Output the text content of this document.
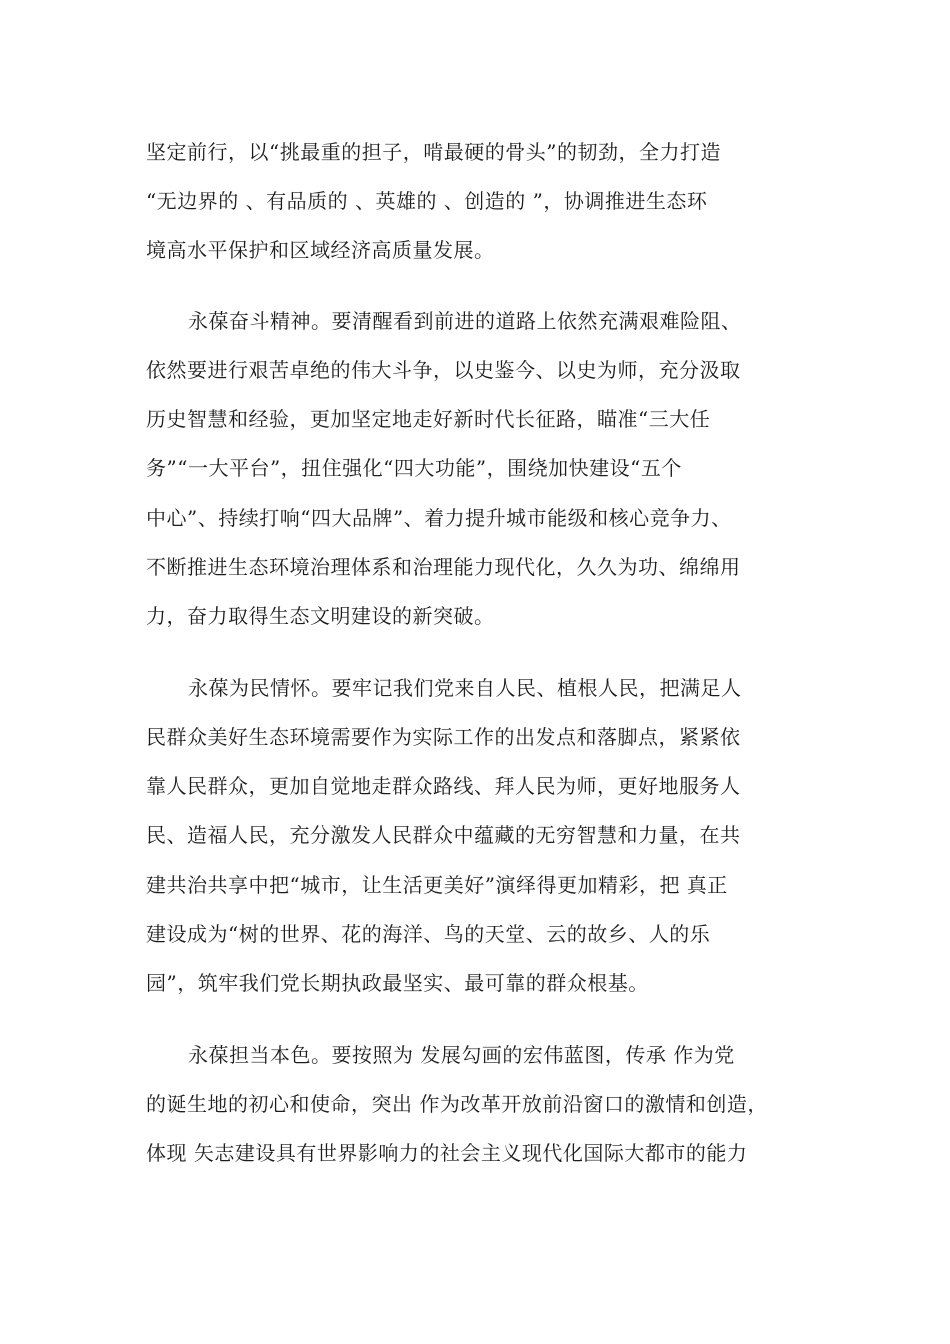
坚定前行，以“挑最重的担子，啃最硬的骨头”的韧劲，全力打造
“无边界的 、有品质的 、英雄的 、创造的 ”，协调推进生态环
境高水平保护和区域经济高质量发展。
永葆奋斗精神。要清醒看到前进的道路上依然充满艰难险阻、
依然要进行艰苦卓绝的伟大斗争，以史鉴今、以史为师，充分汲取
历史智慧和经验，更加坚定地走好新时代长征路，瞄准“三大任
务”“一大平台”，扭住强化“四大功能”，围绕加快建设“五个
中心”、持续打响“四大品牌”、着力提升城市能级和核心竞争力、
不断推进生态环境治理体系和治理能力现代化，久久为功、绵绵用
力，奋力取得生态文明建设的新突破。
永葆为民情怀。要牢记我们党来自人民、植根人民，把满足人
民群众美好生态环境需要作为实际工作的出发点和落脚点，紧紧依
靠人民群众，更加自觉地走群众路线、拜人民为师，更好地服务人
民、造福人民，充分激发人民群众中蕴藏的无穷智慧和力量，在共
建共治共享中把“城市，让生活更美好”演绎得更加精彩，把 真正
建设成为“树的世界、花的海洋、鸟的天堂、云的故乡、人的乐
园”，筑牢我们党长期执政最坚实、最可靠的群众根基。
永葆担当本色。要按照为 发展勾画的宏伟蓝图，传承 作为党
的诞生地的初心和使命，突出 作为改革开放前沿窗口的激情和创造，
体现 矢志建设具有世界影响力的社会主义现代化国际大都市的能力
